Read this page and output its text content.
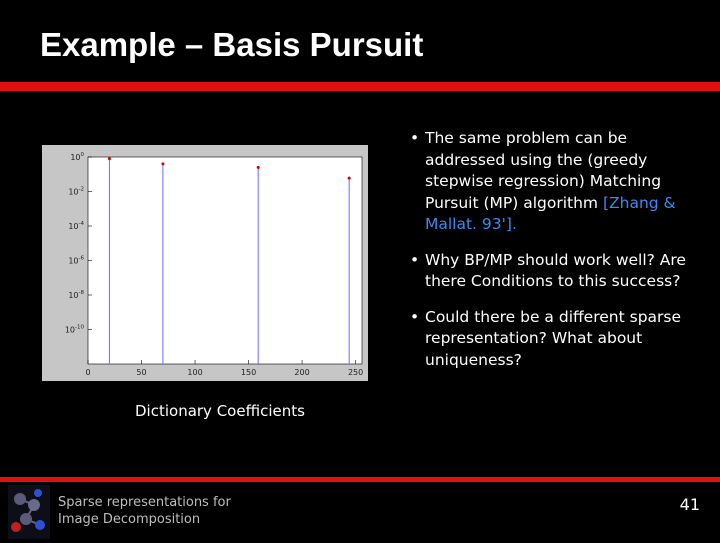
Example – Basis Pursuit
$10^0$
$10^{-2}$
$10^{-4}$
$10^{-6}$
$10^{-8}$
$10^{-10}$
0	50	100	150	200	250
Dictionary Coefficients
• The same problem can be addressed using the (greedy stepwise regression) Matching Pursuit (MP) algorithm [Zhang & Mallat. 93'].
• Why BP/MP should work well? Are there Conditions to this success?
• Could there be a different sparse representation? What about uniqueness?
Sparse representations for
Image Decomposition
41
